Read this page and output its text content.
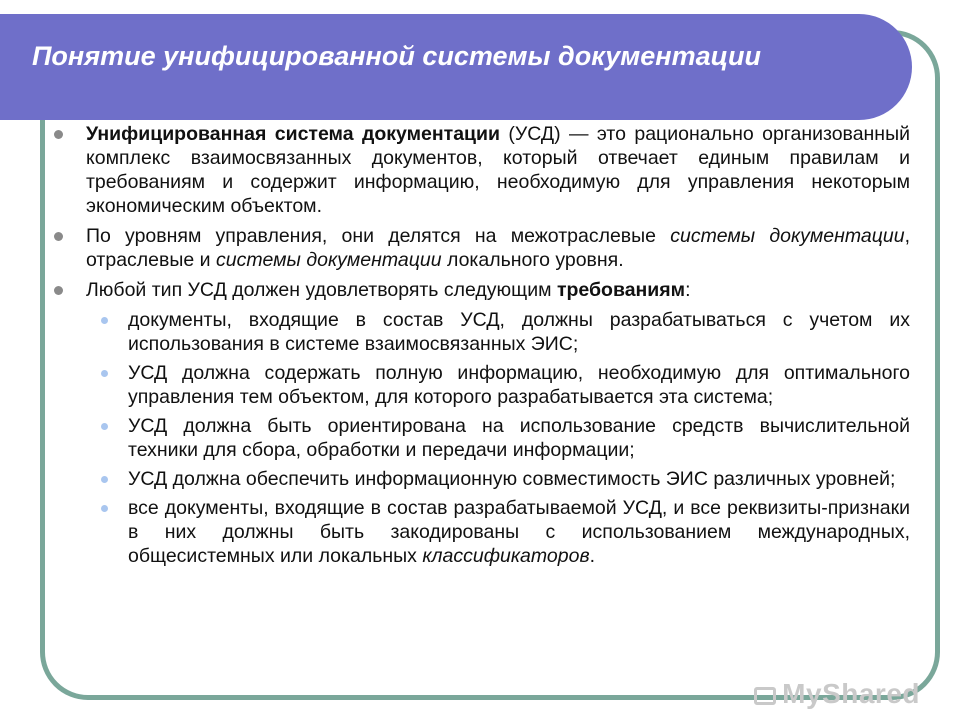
Понятие унифицированной системы документации
Унифицированная система документации (УСД) — это рационально организованный комплекс взаимосвязанных документов, который отвечает единым правилам и требованиям и содержит информацию, необходимую для управления некоторым экономическим объектом.
По уровням управления, они делятся на межотраслевые системы документации, отраслевые и системы документации локального уровня.
Любой тип УСД должен удовлетворять следующим требованиям:
документы, входящие в состав УСД, должны разрабатываться с учетом их использования в системе взаимосвязанных ЭИС;
УСД должна содержать полную информацию, необходимую для оптимального управления тем объектом, для которого разрабатывается эта система;
УСД должна быть ориентирована на использование средств вычислительной техники для сбора, обработки и передачи информации;
УСД должна обеспечить информационную совместимость ЭИС различных уровней;
все документы, входящие в состав разрабатываемой УСД, и все реквизиты-признаки в них должны быть закодированы с использованием международных, общесистемных или локальных классификаторов.
MyShared
